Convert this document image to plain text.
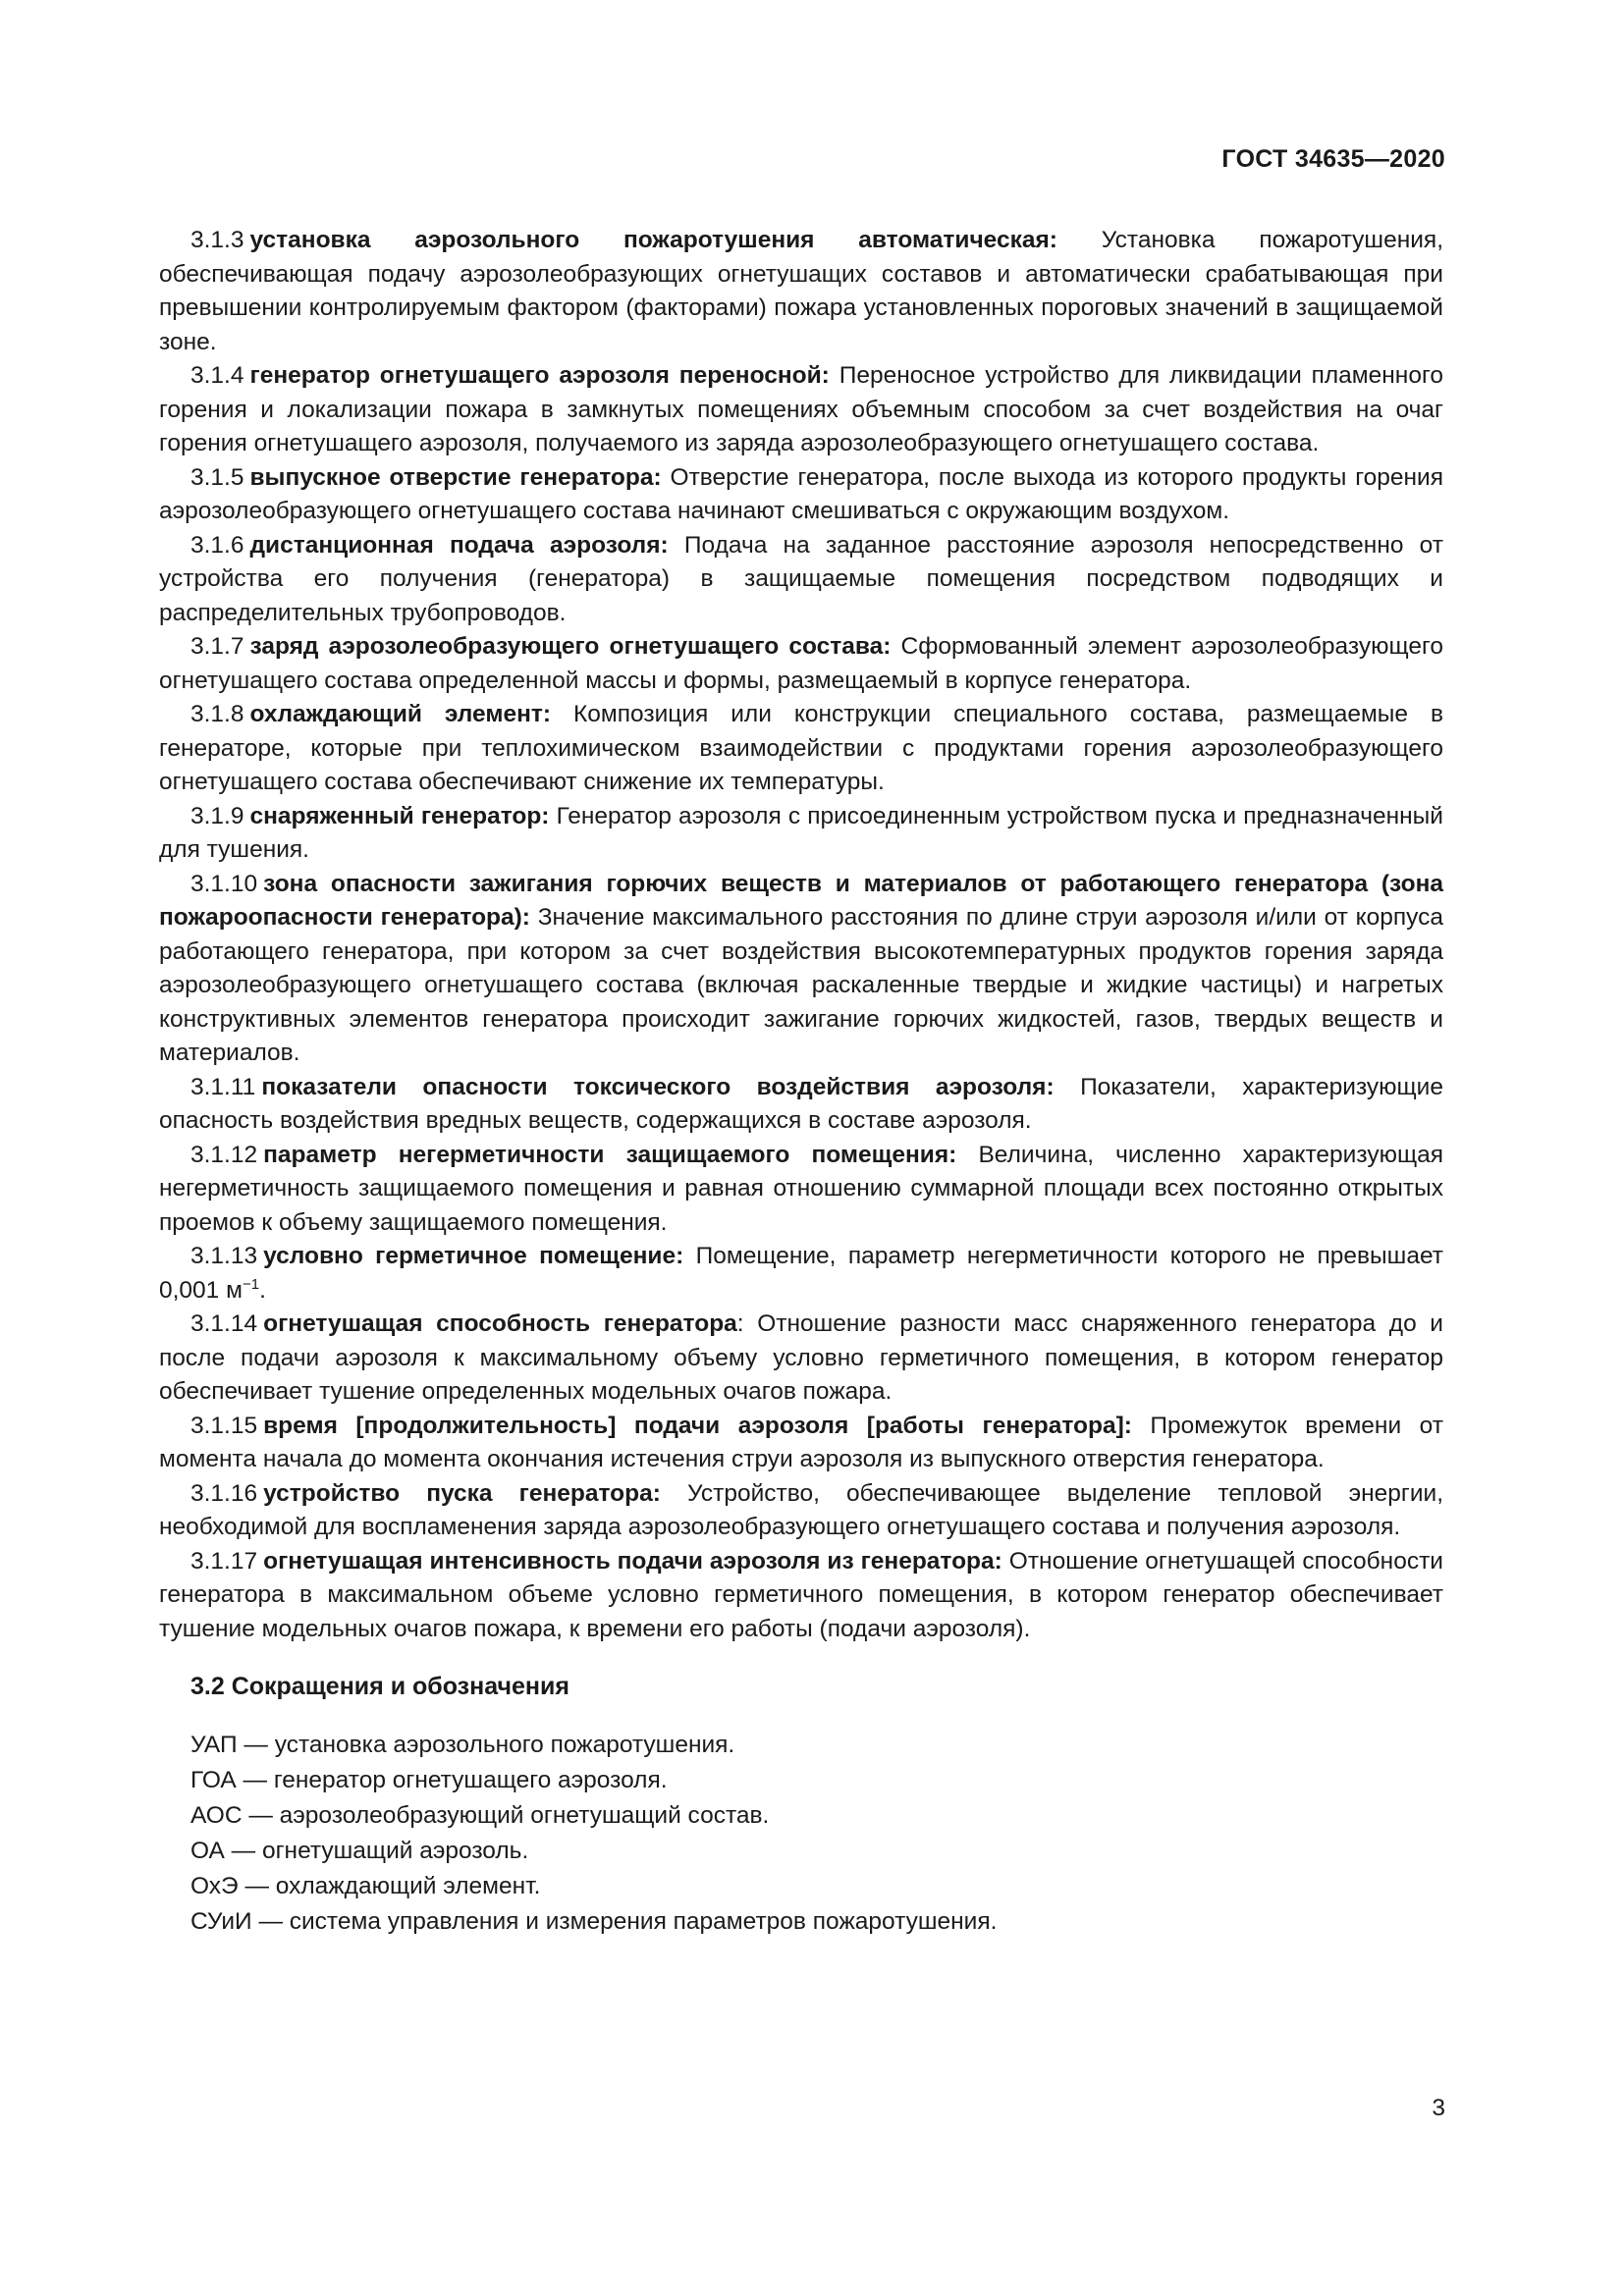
ГОСТ 34635—2020

3.1.3 установка аэрозольного пожаротушения автоматическая: Установка пожаротушения, обеспечивающая подачу аэрозолеобразующих огнетушащих составов и автоматически срабатывающая при превышении контролируемым фактором (факторами) пожара установленных пороговых значений в защищаемой зоне.

3.1.4 генератор огнетушащего аэрозоля переносной: Переносное устройство для ликвидации пламенного горения и локализации пожара в замкнутых помещениях объемным способом за счет воздействия на очаг горения огнетушащего аэрозоля, получаемого из заряда аэрозолеобразующего огнетушащего состава.

3.1.5 выпускное отверстие генератора: Отверстие генератора, после выхода из которого продукты горения аэрозолеобразующего огнетушащего состава начинают смешиваться с окружающим воздухом.

3.1.6 дистанционная подача аэрозоля: Подача на заданное расстояние аэрозоля непосредственно от устройства его получения (генератора) в защищаемые помещения посредством подводящих и распределительных трубопроводов.

3.1.7 заряд аэрозолеобразующего огнетушащего состава: Сформованный элемент аэрозолеобразующего огнетушащего состава определенной массы и формы, размещаемый в корпусе генератора.

3.1.8 охлаждающий элемент: Композиция или конструкции специального состава, размещаемые в генераторе, которые при теплохимическом взаимодействии с продуктами горения аэрозолеобразующего огнетушащего состава обеспечивают снижение их температуры.

3.1.9 снаряженный генератор: Генератор аэрозоля с присоединенным устройством пуска и предназначенный для тушения.

3.1.10 зона опасности зажигания горючих веществ и материалов от работающего генератора (зона пожароопасности генератора): Значение максимального расстояния по длине струи аэрозоля и/или от корпуса работающего генератора, при котором за счет воздействия высокотемпературных продуктов горения заряда аэрозолеобразующего огнетушащего состава (включая раскаленные твердые и жидкие частицы) и нагретых конструктивных элементов генератора происходит зажигание горючих жидкостей, газов, твердых веществ и материалов.

3.1.11 показатели опасности токсического воздействия аэрозоля: Показатели, характеризующие опасность воздействия вредных веществ, содержащихся в составе аэрозоля.

3.1.12 параметр негерметичности защищаемого помещения: Величина, численно характеризующая негерметичность защищаемого помещения и равная отношению суммарной площади всех постоянно открытых проемов к объему защищаемого помещения.

3.1.13 условно герметичное помещение: Помещение, параметр негерметичности которого не превышает 0,001 $м^{-1}$.

3.1.14 огнетушащая способность генератора: Отношение разности масс снаряженного генератора до и после подачи аэрозоля к максимальному объему условно герметичного помещения, в котором генератор обеспечивает тушение определенных модельных очагов пожара.

3.1.15 время [продолжительность] подачи аэрозоля [работы генератора]: Промежуток времени от момента начала до момента окончания истечения струи аэрозоля из выпускного отверстия генератора.

3.1.16 устройство пуска генератора: Устройство, обеспечивающее выделение тепловой энергии, необходимой для воспламенения заряда аэрозолеобразующего огнетушащего состава и получения аэрозоля.

3.1.17 огнетушащая интенсивность подачи аэрозоля из генератора: Отношение огнетушащей способности генератора в максимальном объеме условно герметичного помещения, в котором генератор обеспечивает тушение модельных очагов пожара, к времени его работы (подачи аэрозоля).

3.2 Сокращения и обозначения
УАП — установка аэрозольного пожаротушения.
ГОА — генератор огнетушащего аэрозоля.
АОС — аэрозолеобразующий огнетушащий состав.
ОА — огнетушащий аэрозоль.
ОхЭ — охлаждающий элемент.
СУиИ — система управления и измерения параметров пожаротушения.
3
